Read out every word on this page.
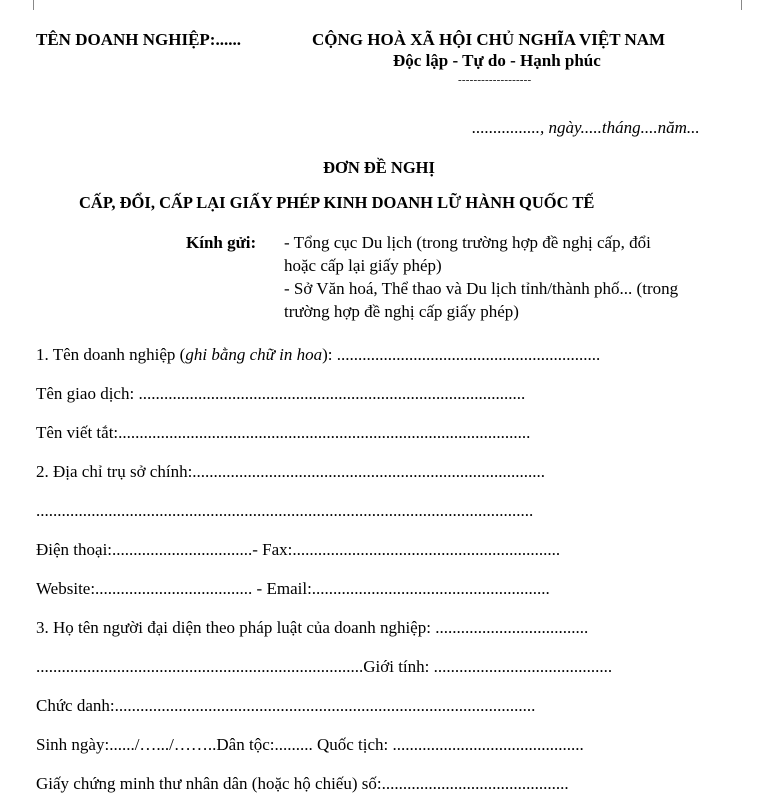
TÊN DOANH NGHIỆP:......	CỘNG HOÀ XÃ HỘI CHỦ NGHĨA VIỆT NAM
Độc lập - Tự do - Hạnh phúc
-------------------
................, ngày.....tháng....năm...
ĐƠN ĐỀ NGHỊ
CẤP, ĐỔI, CẤP LẠI GIẤY PHÉP KINH DOANH LỮ HÀNH QUỐC TẾ
Kính gửi: - Tổng cục Du lịch (trong trường hợp đề nghị cấp, đổi
hoặc cấp lại giấy phép)
- Sở Văn hoá, Thể thao và Du lịch tỉnh/thành phố... (trong
trường hợp đề nghị cấp giấy phép)
1. Tên doanh nghiệp (ghi bằng chữ in hoa): ..............................................................
Tên giao dịch: ...........................................................................................
Tên viết tắt:.................................................................................................
2. Địa chỉ trụ sở chính:...................................................................................
.....................................................................................................................
Điện thoại:.................................- Fax:...............................................................
Website:..................................... - Email:........................................................
3. Họ tên người đại diện theo pháp luật của doanh nghiệp: ....................................
.............................................................................Giới tính: ..........................................
Chức danh:...................................................................................................
Sinh ngày:....../….../……..Dân tộc:......... Quốc tịch: .............................................
Giấy chứng minh thư nhân dân (hoặc hộ chiếu) số:............................................
